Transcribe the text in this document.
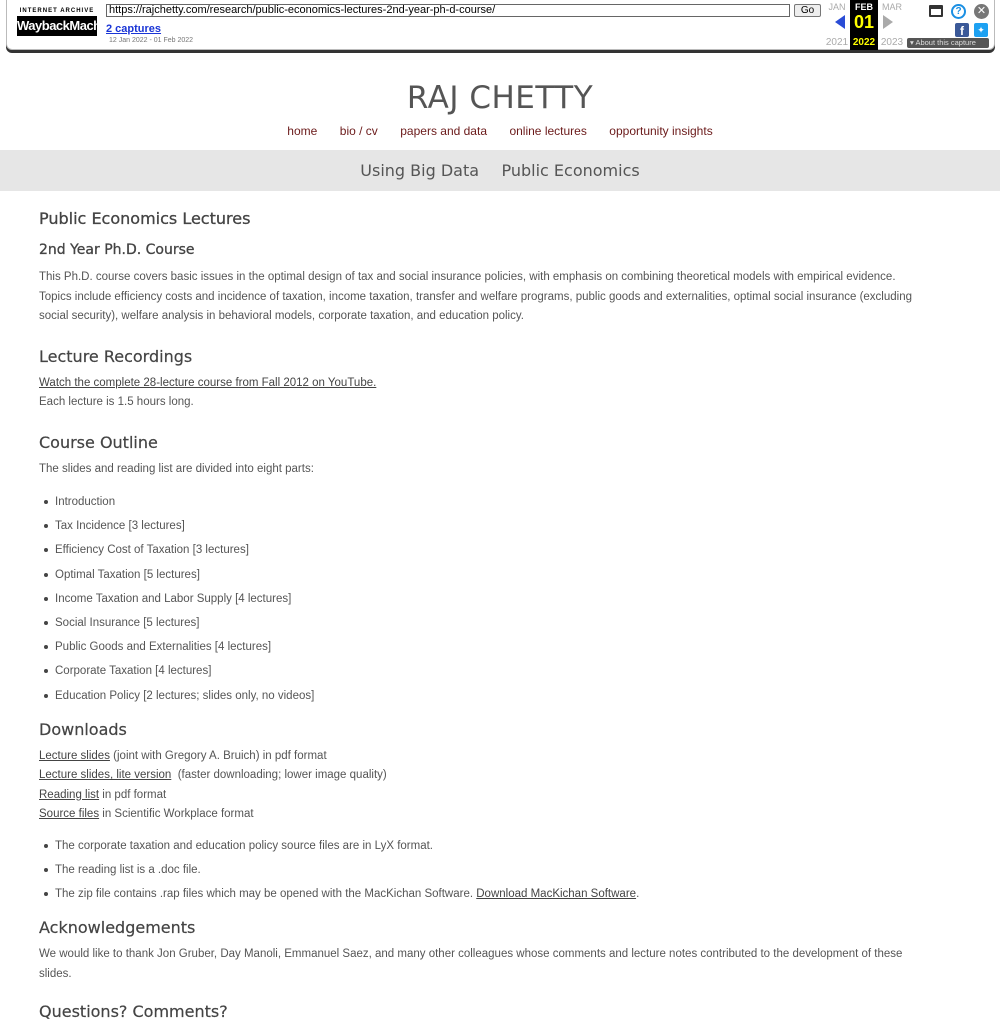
INTERNET ARCHIVE
WaybackMachine
https://rajchetty.com/research/public-economics-lectures-2nd-year-ph-d-course/	Go
2 captures
12 Jan 2022 - 01 Feb 2022
JAN
2021
FEB
01
2022
MAR
2023
?	✕
f	✦
▾ About this capture
RAJ CHETTY
home bio / cv papers and data online lectures opportunity insights
Using Big Data Public Economics
Public Economics Lectures
2nd Year Ph.D. Course

This Ph.D. course covers basic issues in the optimal design of tax and social insurance policies, with emphasis on combining theoretical models with empirical evidence. Topics include efficiency costs and incidence of taxation, income taxation, transfer and welfare programs, public goods and externalities, optimal social insurance (excluding social security), welfare analysis in behavioral models, corporate taxation, and education policy.

Lecture Recordings
Watch the complete 28-lecture course from Fall 2012 on YouTube.
Each lecture is 1.5 hours long.
Course Outline
The slides and reading list are divided into eight parts:
Introduction
Tax Incidence [3 lectures]
Efficiency Cost of Taxation [3 lectures]
Optimal Taxation [5 lectures]
Income Taxation and Labor Supply [4 lectures]
Social Insurance [5 lectures]
Public Goods and Externalities [4 lectures]
Corporate Taxation [4 lectures]
Education Policy [2 lectures; slides only, no videos]
Downloads
Lecture slides (joint with Gregory A. Bruich) in pdf format
Lecture slides, lite version  (faster downloading; lower image quality)
Reading list in pdf format
Source files in Scientific Workplace format
The corporate taxation and education policy source files are in LyX format.
The reading list is a .doc file.
The zip file contains .rap files which may be opened with the MacKichan Software. Download MacKichan Software.
Acknowledgements

We would like to thank Jon Gruber, Day Manoli, Emmanuel Saez, and many other colleagues whose comments and lecture notes contributed to the development of these slides.

Questions? Comments?
